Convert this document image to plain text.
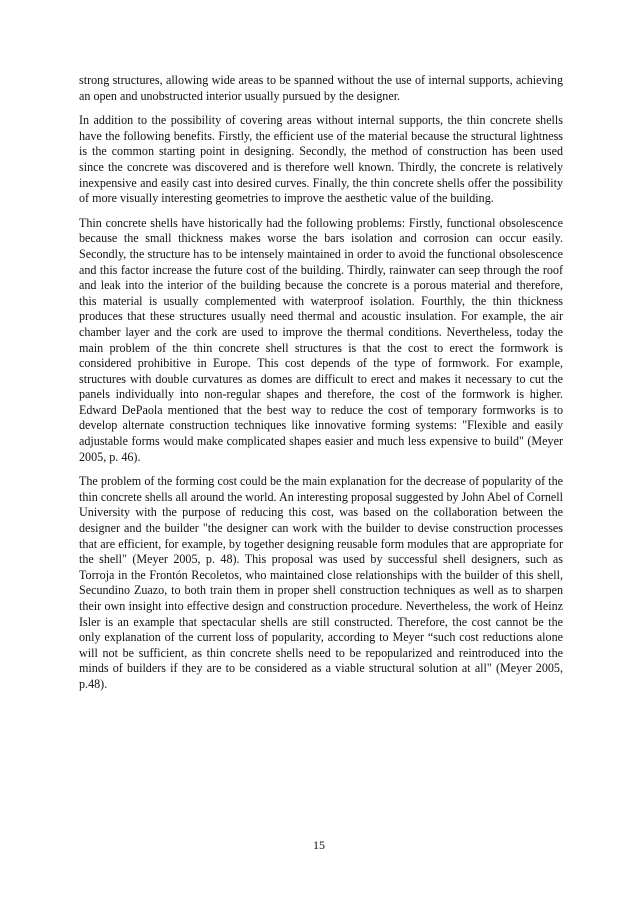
strong structures, allowing wide areas to be spanned without the use of internal supports, achieving an open and unobstructed interior usually pursued by the designer.

In addition to the possibility of covering areas without internal supports, the thin concrete shells have the following benefits. Firstly, the efficient use of the material because the structural lightness is the common starting point in designing. Secondly, the method of construction has been used since the concrete was discovered and is therefore well known. Thirdly, the concrete is relatively inexpensive and easily cast into desired curves. Finally, the thin concrete shells offer the possibility of more visually interesting geometries to improve the aesthetic value of the building.

Thin concrete shells have historically had the following problems: Firstly, functional obsolescence because the small thickness makes worse the bars isolation and corrosion can occur easily. Secondly, the structure has to be intensely maintained in order to avoid the functional obsolescence and this factor increase the future cost of the building. Thirdly, rainwater can seep through the roof and leak into the interior of the building because the concrete is a porous material and therefore, this material is usually complemented with waterproof isolation. Fourthly, the thin thickness produces that these structures usually need thermal and acoustic insulation. For example, the air chamber layer and the cork are used to improve the thermal conditions. Nevertheless, today the main problem of the thin concrete shell structures is that the cost to erect the formwork is considered prohibitive in Europe. This cost depends of the type of formwork. For example, structures with double curvatures as domes are difficult to erect and makes it necessary to cut the panels individually into non-regular shapes and therefore, the cost of the formwork is higher. Edward DePaola mentioned that the best way to reduce the cost of temporary formworks is to develop alternate construction techniques like innovative forming systems: "Flexible and easily adjustable forms would make complicated shapes easier and much less expensive to build" (Meyer 2005, p. 46).

The problem of the forming cost could be the main explanation for the decrease of popularity of the thin concrete shells all around the world. An interesting proposal suggested by John Abel of Cornell University with the purpose of reducing this cost, was based on the collaboration between the designer and the builder "the designer can work with the builder to devise construction processes that are efficient, for example, by together designing reusable form modules that are appropriate for the shell" (Meyer 2005, p. 48). This proposal was used by successful shell designers, such as Torroja in the Frontón Recoletos, who maintained close relationships with the builder of this shell, Secundino Zuazo, to both train them in proper shell construction techniques as well as to sharpen their own insight into effective design and construction procedure. Nevertheless, the work of Heinz Isler is an example that spectacular shells are still constructed. Therefore, the cost cannot be the only explanation of the current loss of popularity, according to Meyer “such cost reductions alone will not be sufficient, as thin concrete shells need to be repopularized and reintroduced into the minds of builders if they are to be considered as a viable structural solution at all" (Meyer 2005, p.48).

15
